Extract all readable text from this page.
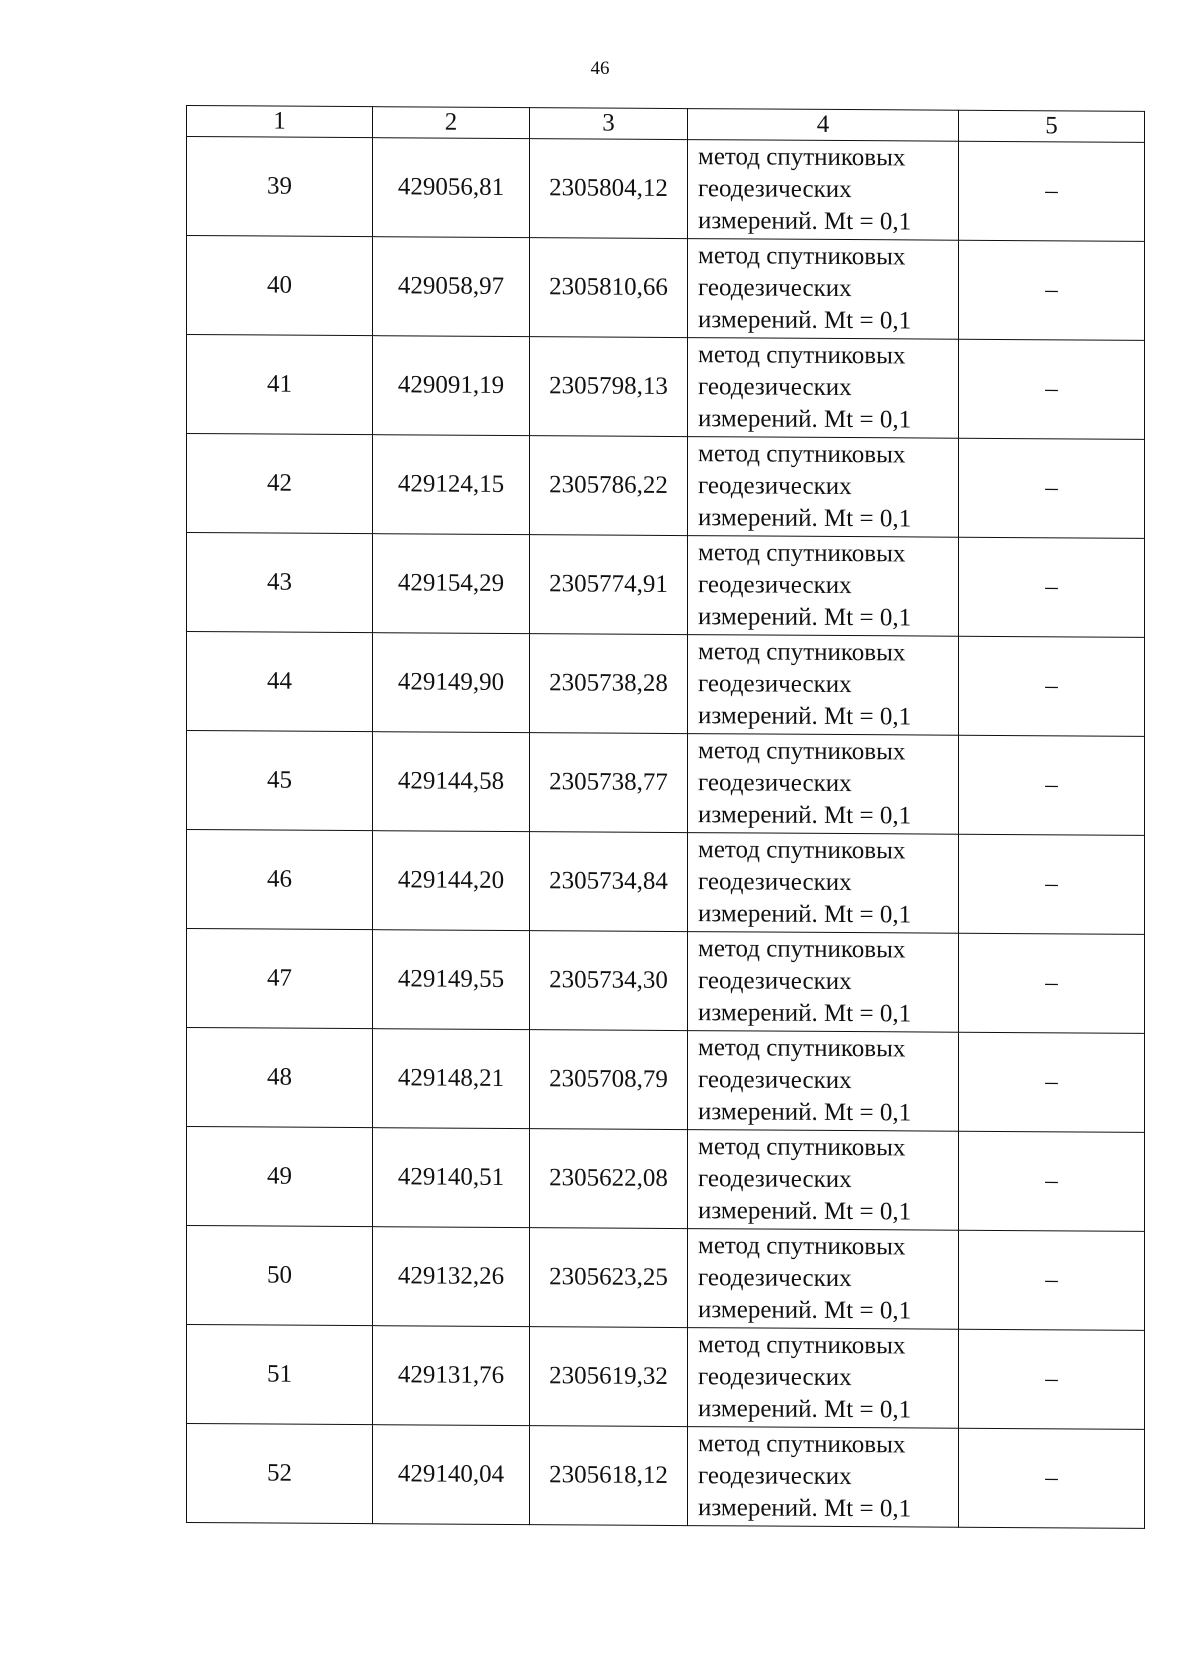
46
1	2	3	4	5
39	429056,81	2305804,12	метод спутниковых
геодезических
измерений. Mt = 0,1	–
40	429058,97	2305810,66	метод спутниковых
геодезических
измерений. Mt = 0,1	–
41	429091,19	2305798,13	метод спутниковых
геодезических
измерений. Mt = 0,1	–
42	429124,15	2305786,22	метод спутниковых
геодезических
измерений. Mt = 0,1	–
43	429154,29	2305774,91	метод спутниковых
геодезических
измерений. Mt = 0,1	–
44	429149,90	2305738,28	метод спутниковых
геодезических
измерений. Mt = 0,1	–
45	429144,58	2305738,77	метод спутниковых
геодезических
измерений. Mt = 0,1	–
46	429144,20	2305734,84	метод спутниковых
геодезических
измерений. Mt = 0,1	–
47	429149,55	2305734,30	метод спутниковых
геодезических
измерений. Mt = 0,1	–
48	429148,21	2305708,79	метод спутниковых
геодезических
измерений. Mt = 0,1	–
49	429140,51	2305622,08	метод спутниковых
геодезических
измерений. Mt = 0,1	–
50	429132,26	2305623,25	метод спутниковых
геодезических
измерений. Mt = 0,1	–
51	429131,76	2305619,32	метод спутниковых
геодезических
измерений. Mt = 0,1	–
52	429140,04	2305618,12	метод спутниковых
геодезических
измерений. Mt = 0,1	–
